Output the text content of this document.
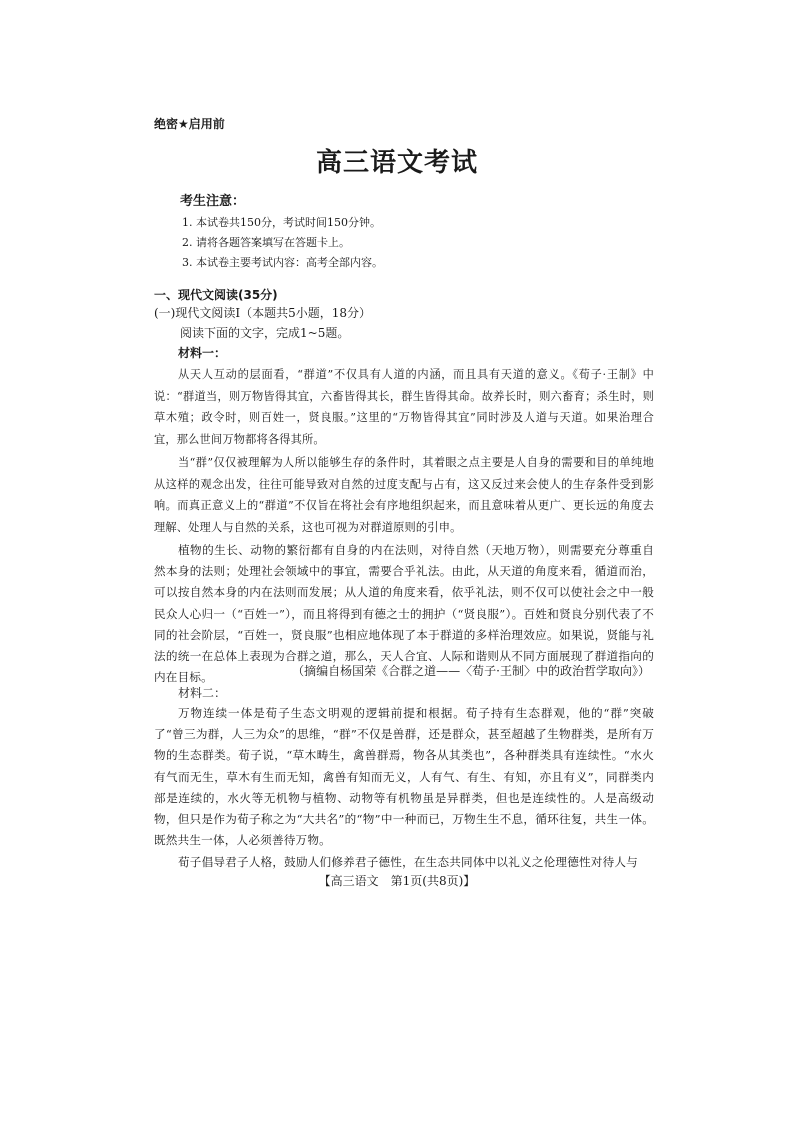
绝密★启用前
高三语文考试
考生注意：
1. 本试卷共150分，考试时间150分钟。
2. 请将各题答案填写在答题卡上。
3. 本试卷主要考试内容：高考全部内容。
一、现代文阅读(35分)
(一)现代文阅读I（本题共5小题，18分）
阅读下面的文字，完成1~5题。
材料一：

从天人互动的层面看，“群道”不仅具有人道的内涵，而且具有天道的意义。《荀子·王制》中说：“群道当，则万物皆得其宜，六畜皆得其长，群生皆得其命。故养长时，则六畜育；杀生时，则草木殖；政令时，则百姓一，贤良服。”这里的“万物皆得其宜”同时涉及人道与天道。如果治理合宜，那么世间万物都将各得其所。

当“群”仅仅被理解为人所以能够生存的条件时，其着眼之点主要是人自身的需要和目的单纯地从这样的观念出发，往往可能导致对自然的过度支配与占有，这又反过来会使人的生存条件受到影响。而真正意义上的“群道”不仅旨在将社会有序地组织起来，而且意味着从更广、更长远的角度去理解、处理人与自然的关系，这也可视为对群道原则的引申。

植物的生长、动物的繁衍都有自身的内在法则，对待自然（天地万物），则需要充分尊重自然本身的法则；处理社会领域中的事宜，需要合乎礼法。由此，从天道的角度来看，循道而治，可以按自然本身的内在法则而发展；从人道的角度来看，依乎礼法，则不仅可以使社会之中一般民众人心归一（“百姓一”），而且将得到有德之士的拥护（“贤良服”）。百姓和贤良分别代表了不同的社会阶层，“百姓一，贤良服”也相应地体现了本于群道的多样治理效应。如果说，贤能与礼法的统一在总体上表现为合群之道，那么，天人合宜、人际和谐则从不同方面展现了群道指向的内在目标。	（摘编自杨国荣《合群之道——〈荀子·王制〉中的政治哲学取向》）
材料二：

万物连续一体是荀子生态文明观的逻辑前提和根据。荀子持有生态群观，他的“群”突破了“曾三为群，人三为众”的思维，“群”不仅是兽群，还是群众，甚至超越了生物群类，是所有万物的生态群类。荀子说，“草木畴生，禽兽群焉，物各从其类也”，各种群类具有连续性。“水火有气而无生，草木有生而无知，禽兽有知而无义，人有气、有生、有知，亦且有义”，同群类内部是连续的，水火等无机物与植物、动物等有机物虽是异群类，但也是连续性的。人是高级动物，但只是作为荀子称之为“大共名”的“物”中一种而已，万物生生不息，循环往复，共生一体。既然共生一体，人必须善待万物。

荀子倡导君子人格，鼓励人们修养君子德性，在生态共同体中以礼义之伦理德性对待人与

【高三语文　第1页(共8页)】
